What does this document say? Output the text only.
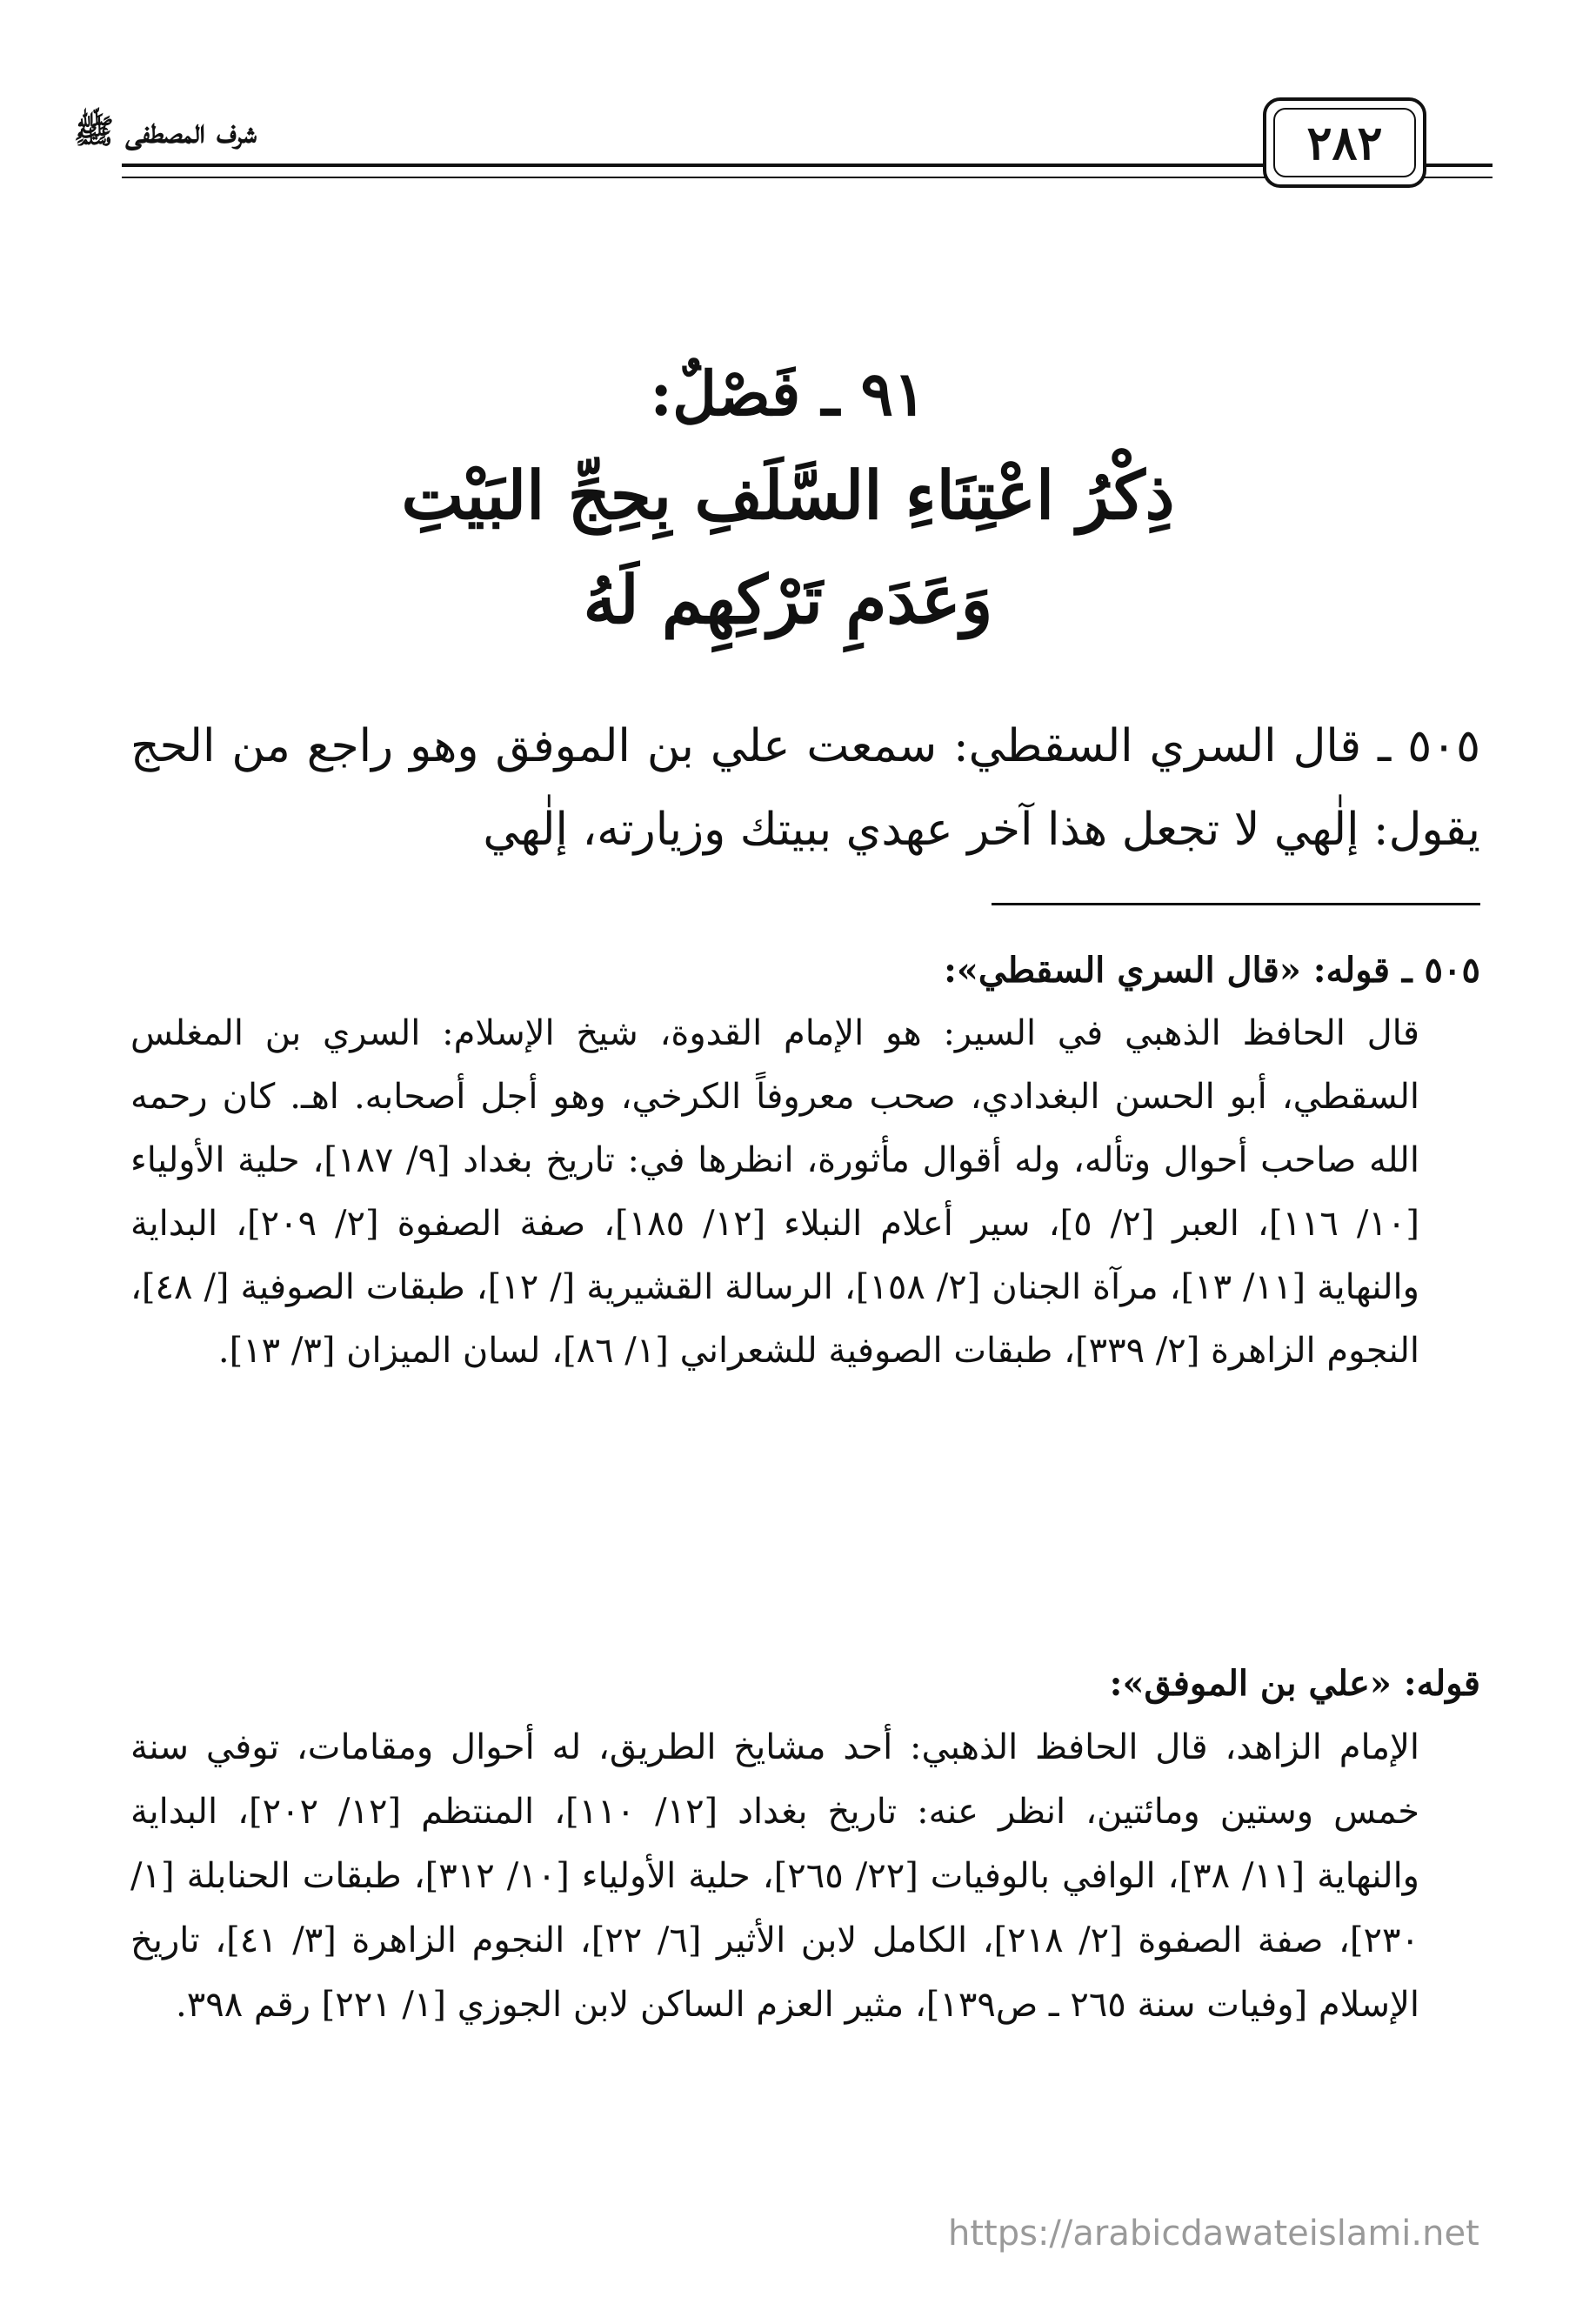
شرف المصطفى ﷺ	٢٨٢
٩١ ـ فَصْلٌ:
ذِكْرُ اعْتِنَاءِ السَّلَفِ بِحِجِّ البَيْتِ
وَعَدَمِ تَرْكِهِم لَهُ
٥٠٥ ـ قال السري السقطي: سمعت علي بن الموفق وهو راجع من الحج يقول: إلٰهي لا تجعل هذا آخر عهدي ببيتك وزيارته، إلٰهي
٥٠٥ ـ قوله: «قال السري السقطي»:
قال الحافظ الذهبي في السير: هو الإمام القدوة، شيخ الإسلام: السري بن المغلس السقطي، أبو الحسن البغدادي، صحب معروفاً الكرخي، وهو أجل أصحابه. اهـ. كان رحمه الله صاحب أحوال وتأله، وله أقوال مأثورة، انظرها في: تاريخ بغداد [٩/ ١٨٧]، حلية الأولياء [١٠/ ١١٦]، العبر [٢/ ٥]، سير أعلام النبلاء [١٢/ ١٨٥]، صفة الصفوة [٢/ ٢٠٩]، البداية والنهاية [١١/ ١٣]، مرآة الجنان [٢/ ١٥٨]، الرسالة القشيرية [/ ١٢]، طبقات الصوفية [/ ٤٨]، النجوم الزاهرة [٢/ ٣٣٩]، طبقات الصوفية للشعراني [١/ ٨٦]، لسان الميزان [٣/ ١٣].
قوله: «علي بن الموفق»:
الإمام الزاهد، قال الحافظ الذهبي: أحد مشايخ الطريق، له أحوال ومقامات، توفي سنة خمس وستين ومائتين، انظر عنه: تاريخ بغداد [١٢/ ١١٠]، المنتظم [١٢/ ٢٠٢]، البداية والنهاية [١١/ ٣٨]، الوافي بالوفيات [٢٢/ ٢٦٥]، حلية الأولياء [١٠/ ٣١٢]، طبقات الحنابلة [١/ ٢٣٠]، صفة الصفوة [٢/ ٢١٨]، الكامل لابن الأثير [٦/ ٢٢]، النجوم الزاهرة [٣/ ٤١]، تاريخ الإسلام [وفيات سنة ٢٦٥ ـ ص١٣٩]، مثير العزم الساكن لابن الجوزي [١/ ٢٢١] رقم ٣٩٨.
https://arabicdawateislami.net
